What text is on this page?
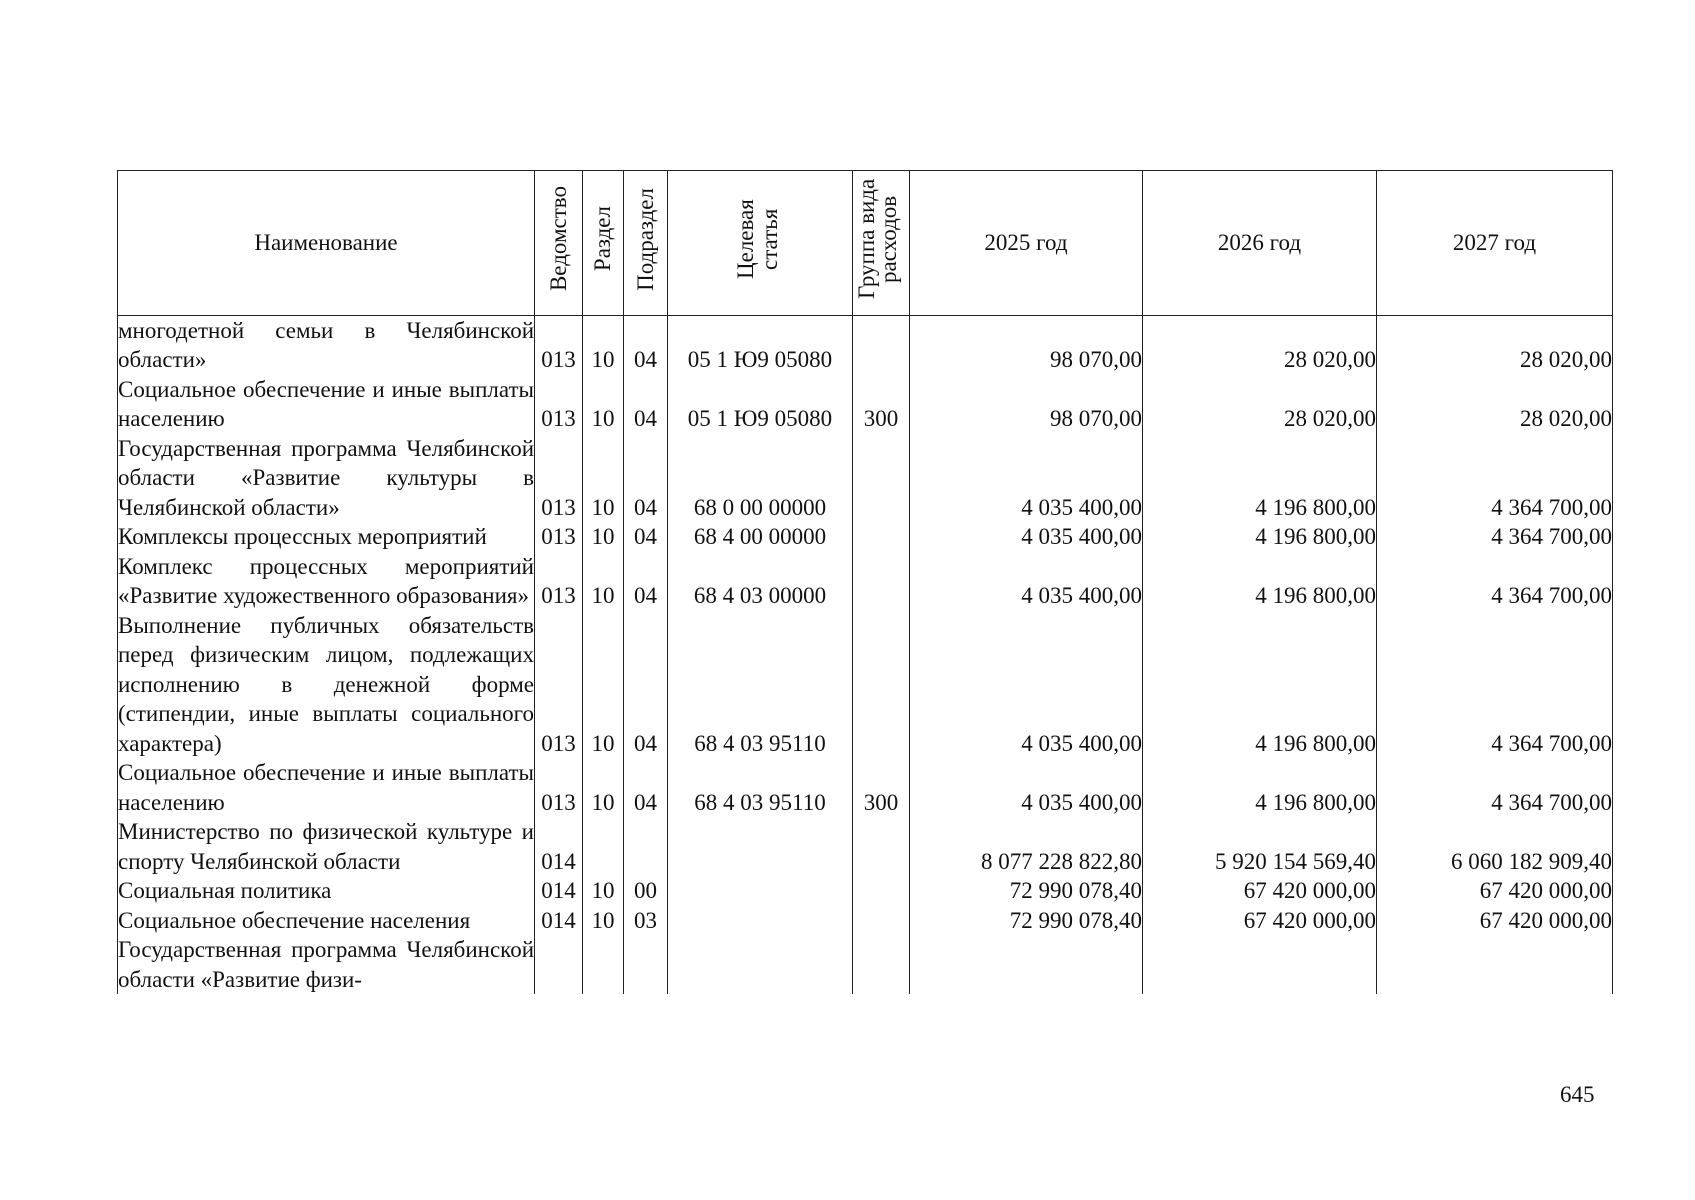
Наименование	Ведомство	Раздел	Подраздел	Целевая статья	Группа вида расходов	2025 год	2026 год	2027 год
многодетной семьи в Челябинской области»	013	10	04	05 1 Ю9 05080		98 070,00	28 020,00	28 020,00
Социальное обеспечение и иные выплаты населению	013	10	04	05 1 Ю9 05080	300	98 070,00	28 020,00	28 020,00
Государственная программа Челябинской области «Развитие культуры в Челябинской области»	013	10	04	68 0 00 00000		4 035 400,00	4 196 800,00	4 364 700,00
Комплексы процессных мероприятий	013	10	04	68 4 00 00000		4 035 400,00	4 196 800,00	4 364 700,00
Комплекс процессных мероприятий «Развитие художественного образования»	013	10	04	68 4 03 00000		4 035 400,00	4 196 800,00	4 364 700,00
Выполнение публичных обязательств перед физическим лицом, подлежащих исполнению в денежной форме (стипендии, иные выплаты социального характера)	013	10	04	68 4 03 95110		4 035 400,00	4 196 800,00	4 364 700,00
Социальное обеспечение и иные выплаты населению	013	10	04	68 4 03 95110	300	4 035 400,00	4 196 800,00	4 364 700,00
Министерство по физической культуре и спорту Челябинской области	014					8 077 228 822,80	5 920 154 569,40	6 060 182 909,40
Социальная политика	014	10	00			72 990 078,40	67 420 000,00	67 420 000,00
Социальное обеспечение населения	014	10	03			72 990 078,40	67 420 000,00	67 420 000,00
Государственная программа Челябинской области «Развитие физи-								
645
